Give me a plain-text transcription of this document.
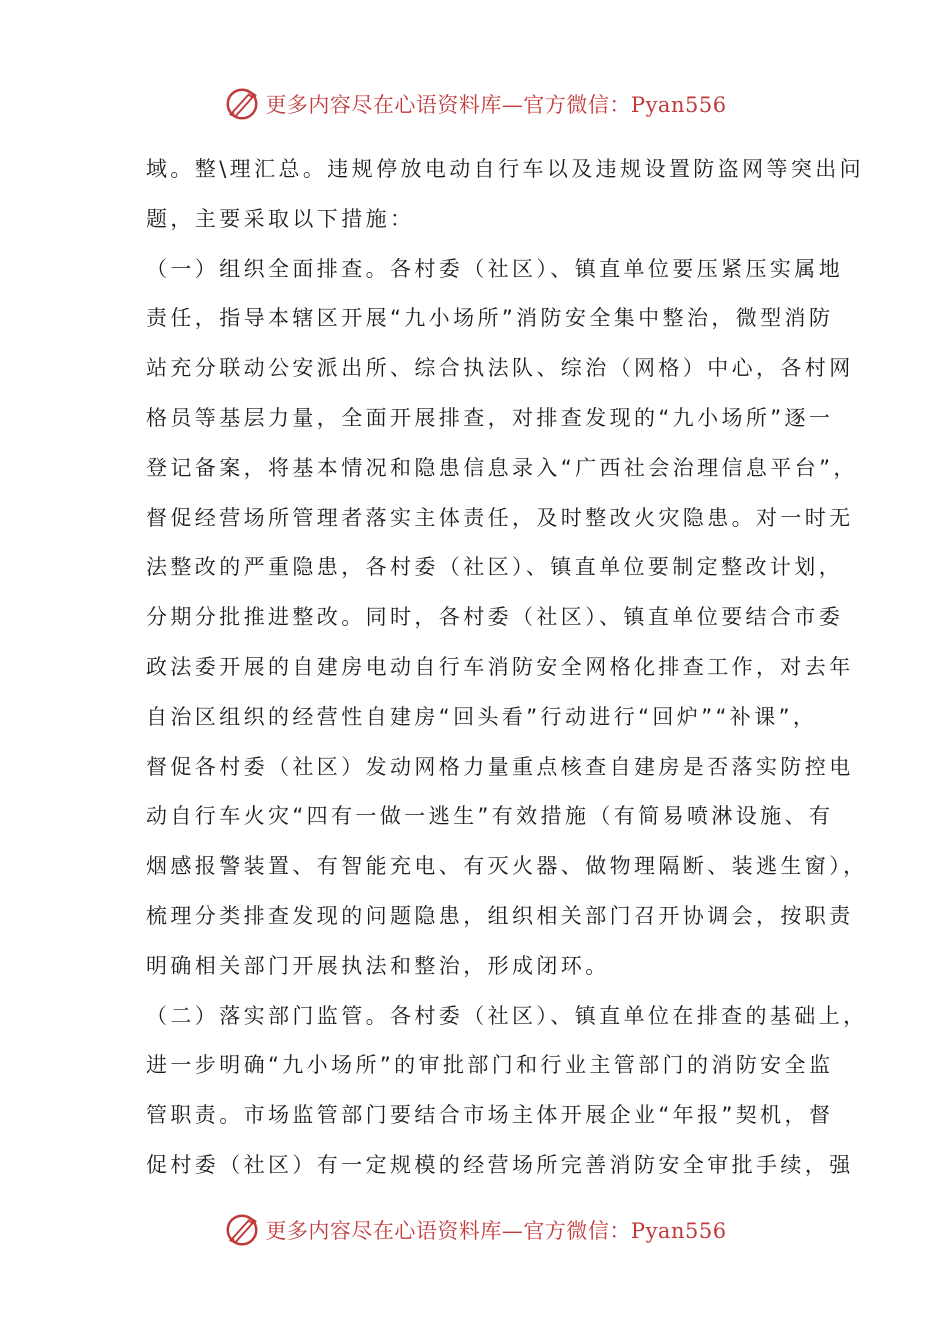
更多内容尽在心语资料库—官方微信：Pyan556
域。整\理汇总。违规停放电动自行车以及违规设置防盗网等突出问
题，主要采取以下措施：
（一）组织全面排查。各村委（社区）、镇直单位要压紧压实属地
责任，指导本辖区开展“九小场所”消防安全集中整治，微型消防
站充分联动公安派出所、综合执法队、综治（网格）中心，各村网
格员等基层力量，全面开展排查，对排查发现的“九小场所”逐一
登记备案，将基本情况和隐患信息录入“广西社会治理信息平台”，
督促经营场所管理者落实主体责任，及时整改火灾隐患。对一时无
法整改的严重隐患，各村委（社区）、镇直单位要制定整改计划，
分期分批推进整改。同时，各村委（社区）、镇直单位要结合市委
政法委开展的自建房电动自行车消防安全网格化排查工作，对去年
自治区组织的经营性自建房“回头看”行动进行“回炉”“补课”，
督促各村委（社区）发动网格力量重点核查自建房是否落实防控电
动自行车火灾“四有一做一逃生”有效措施（有简易喷淋设施、有
烟感报警装置、有智能充电、有灭火器、做物理隔断、装逃生窗），
梳理分类排查发现的问题隐患，组织相关部门召开协调会，按职责
明确相关部门开展执法和整治，形成闭环。
（二）落实部门监管。各村委（社区）、镇直单位在排查的基础上，
进一步明确“九小场所”的审批部门和行业主管部门的消防安全监
管职责。市场监管部门要结合市场主体开展企业“年报”契机，督
促村委（社区）有一定规模的经营场所完善消防安全审批手续，强
更多内容尽在心语资料库—官方微信：Pyan556
